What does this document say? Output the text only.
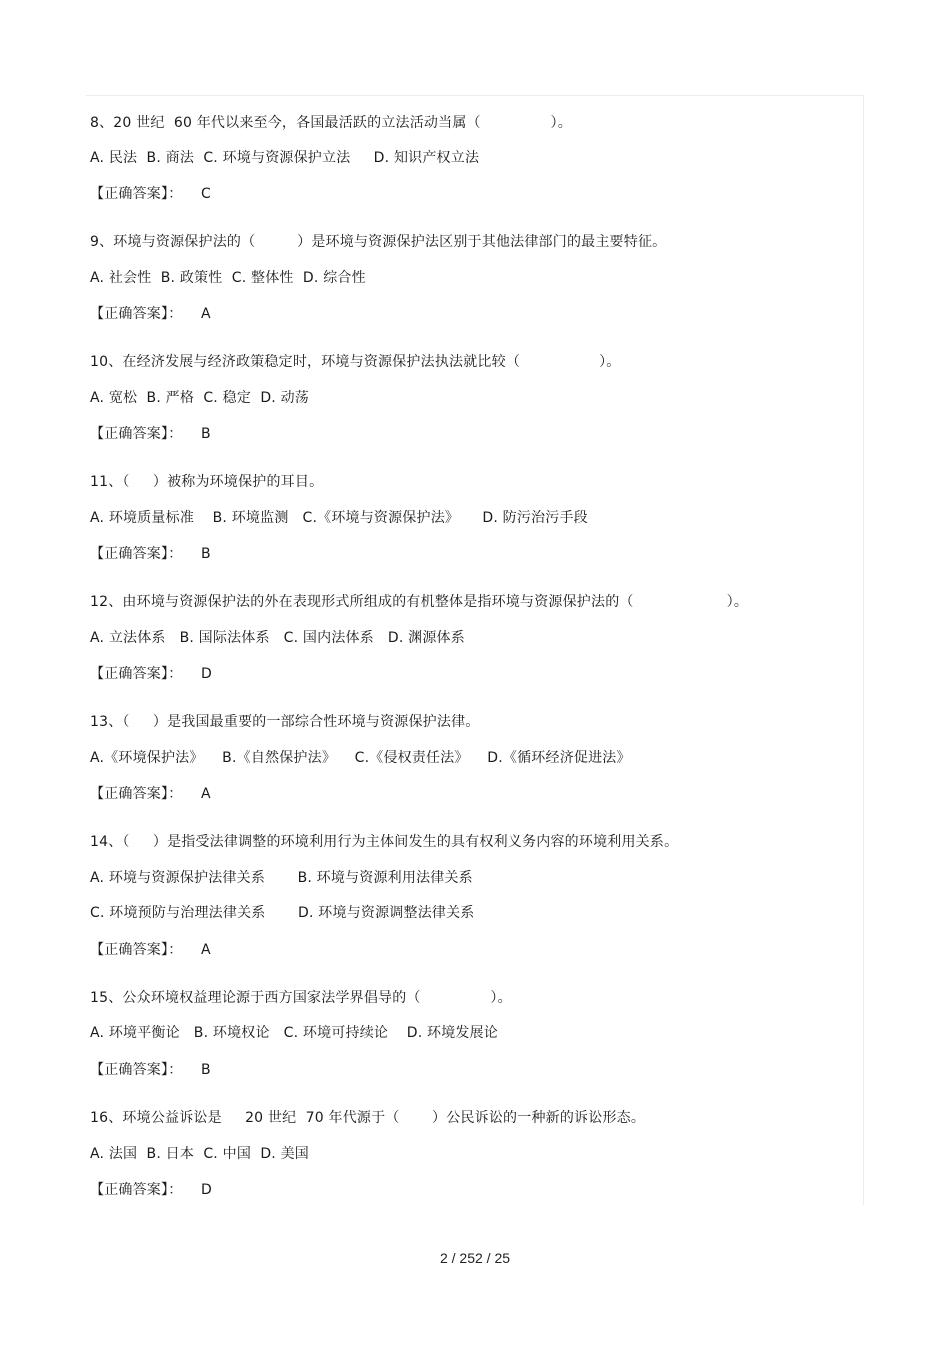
8、20 世纪  60 年代以来至今，各国最活跃的立法活动当属（               ）。
A. 民法  B. 商法  C. 环境与资源保护立法     D. 知识产权立法
【正确答案】：    C
9、环境与资源保护法的（         ）是环境与资源保护法区别于其他法律部门的最主要特征。
A. 社会性  B. 政策性  C. 整体性  D. 综合性
【正确答案】：    A
10、在经济发展与经济政策稳定时，环境与资源保护法执法就比较（                 ）。
A. 宽松  B. 严格  C. 稳定  D. 动荡
【正确答案】：    B
11、（     ）被称为环境保护的耳目。
A. 环境质量标准    B. 环境监测   C.《环境与资源保护法》     D. 防污治污手段
【正确答案】：    B
12、由环境与资源保护法的外在表现形式所组成的有机整体是指环境与资源保护法的（                    ）。
A. 立法体系   B. 国际法体系   C. 国内法体系   D. 渊源体系
【正确答案】：    D
13、（     ）是我国最重要的一部综合性环境与资源保护法律。
A.《环境保护法》    B.《自然保护法》    C.《侵权责任法》    D.《循环经济促进法》
【正确答案】：    A
14、（     ）是指受法律调整的环境利用行为主体间发生的具有权利义务内容的环境利用关系。
A. 环境与资源保护法律关系       B. 环境与资源利用法律关系
C. 环境预防与治理法律关系       D. 环境与资源调整法律关系
【正确答案】：    A
15、公众环境权益理论源于西方国家法学界倡导的（               ）。
A. 环境平衡论   B. 环境权论   C. 环境可持续论    D. 环境发展论
【正确答案】：    B
16、环境公益诉讼是     20 世纪  70 年代源于（       ）公民诉讼的一种新的诉讼形态。
A. 法国  B. 日本  C. 中国  D. 美国
【正确答案】：    D
2 / 252 / 25
